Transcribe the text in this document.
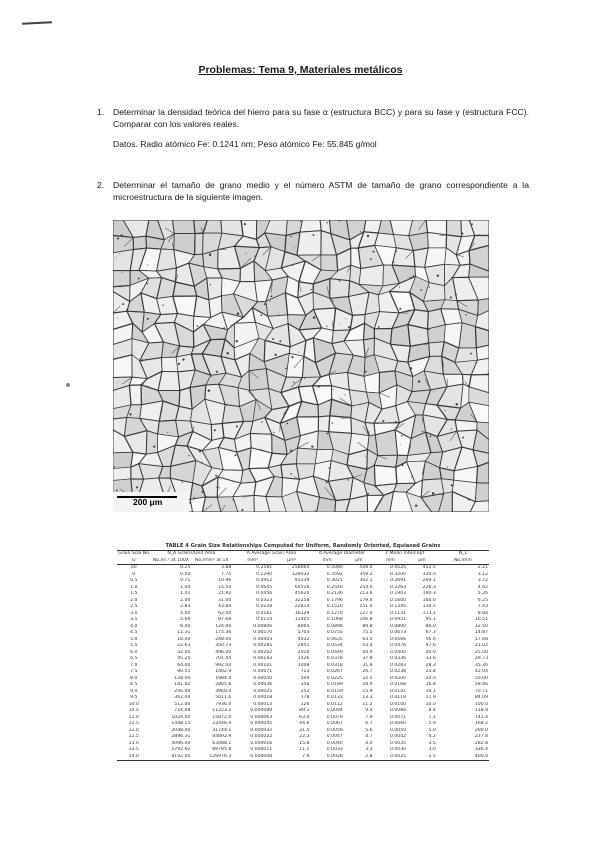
Problemas: Tema 9, Materiales metálicos
1.	Determinar la densidad teórica del hierro para su fase α (estructura BCC) y para su fase γ (estructura FCC). Comparar con los valores reales.
Datos. Radio atómico Fe: 0.1241 nm; Peso atómico Fe: 55.845 g/mol
2.	Determinar el tamaño de grano medio y el número ASTM de tamaño de grano correspondiente a la microestructura de la siguiente imagen.
200 μm
TABLE 4 Grain Size Relationships Computed for Uniform, Randomly Oriented, Equiaxed Grains
Grain Size No.	N̄_A Grains/Unit Area		Ā Average Grain Area		d̄ Average Diameter		ℓ̄ Mean Intercept		N̄_L
G	No./in.² at 100X	No./mm² at 1X	mm²	μm²	mm	μm	mm	μm	No./mm
00	0.25	3.88	0.2581	258064	0.5080	508.0	0.4525	452.5	2.21
0	0.50	7.75	0.1290	129032	0.3592	359.2	0.3200	320.0	3.12
0.5	0.71	10.96	0.0912	91239	0.3021	302.1	0.2691	269.1	3.72
1.0	1.00	15.50	0.0645	64516	0.2540	254.0	0.2263	226.3	4.42
1.5	1.41	21.92	0.0456	45620	0.2136	213.6	0.1903	190.3	5.26
2.0	2.00	31.00	0.0323	32258	0.1796	179.6	0.1600	160.0	6.25
2.5	2.83	43.84	0.0228	22810	0.1510	151.0	0.1345	134.5	7.43
3.0	4.00	62.00	0.0161	16129	0.1270	127.0	0.1131	113.1	8.84
3.5	5.66	87.68	0.0114	11405	0.1068	106.8	0.0951	95.1	10.51
4.0	8.00	124.00	0.00806	8065	0.0898	89.8	0.0800	80.0	12.50
4.5	11.31	175.36	0.00570	5703	0.0755	75.5	0.0673	67.3	14.87
5.0	16.00	248.00	0.00403	4032	0.0635	63.5	0.0566	56.6	17.68
5.5	22.63	350.73	0.00285	2851	0.0534	53.4	0.0476	47.6	21.02
6.0	32.00	496.00	0.00202	2016	0.0449	44.9	0.0400	40.0	25.00
6.5	45.25	701.45	0.00143	1426	0.0378	37.8	0.0336	33.6	29.73
7.0	64.00	992.00	0.00101	1008	0.0318	31.8	0.0283	28.3	35.36
7.5	90.51	1402.9	0.00071	713	0.0267	26.7	0.0238	23.8	42.04
8.0	128.00	1984.0	0.00050	504	0.0225	22.5	0.0200	20.0	50.00
8.5	181.02	2805.8	0.00036	356	0.0189	18.9	0.0168	16.8	59.46
9.0	256.00	3968.0	0.00025	252	0.0159	15.9	0.0141	14.1	70.71
9.5	362.04	5611.6	0.00018	178	0.0133	13.3	0.0119	11.9	84.09
10.0	512.00	7936.0	0.00013	126	0.0112	11.2	0.0100	10.0	100.0
10.5	724.08	11223.2	0.000089	89.1	0.0094	9.4	0.0084	8.4	118.9
11.0	1024.00	15872.0	0.000063	63.0	0.0079	7.9	0.0071	7.1	141.4
11.5	1448.15	22446.4	0.000045	44.6	0.0067	6.7	0.0060	5.9	168.2
12.0	2048.00	31744.1	0.000032	31.5	0.0056	5.6	0.0050	5.0	200.0
12.5	2896.31	44892.9	0.000022	22.3	0.0047	4.7	0.0042	4.2	237.8
13.0	4096.00	63488.1	0.000016	15.8	0.0040	4.0	0.0035	3.5	282.8
13.5	5792.62	89785.8	0.000011	11.1	0.0033	3.3	0.0030	3.0	336.4
14.0	8192.00	126976.3	0.000008	7.9	0.0028	2.8	0.0025	2.5	400.0
